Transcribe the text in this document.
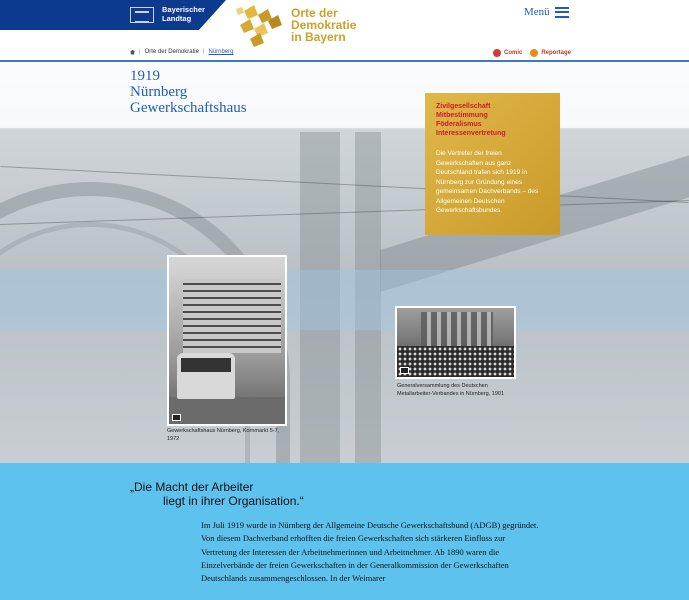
Bayerischer
Landtag	Orte der
Demokratie
in Bayern
Menü
| Orte der Demokratie | Nürnberg	Comic	Reportage
1919
Nürnberg
Gewerkschaftshaus	Zivilgesellschaft
Mitbestimmung
Föderalismus
Interessenvertretung
Die Vertreter der freien Gewerkschaften aus ganz Deutschland trafen sich 1919 in Nürnberg zur Gründung eines gemeinsamen Dachverbands – des Allgemeinen Deutschen Gewerkschaftsbundes.
Gewerkschaftshaus Nürnberg, Kornmarkt 5-7, 1972
Generalversammlung des Deutschen Metallarbeiter-Verbandes in Nürnberg, 1901
„Die Macht der Arbeiter
liegt in ihrer Organisation.“
Im Juli 1919 wurde in Nürnberg der Allgemeine Deutsche Gewerkschaftsbund (ADGB) gegründet. Von diesem Dachverband erhofften die freien Gewerkschaften sich stärkeren Einfluss zur Vertretung der Interessen der Arbeitnehmerinnen und Arbeitnehmer. Ab 1890 waren die Einzelverbände der freien Gewerkschaften in der Generalkommission der Gewerkschaften Deutschlands zusammengeschlossen. In der Weimarer
